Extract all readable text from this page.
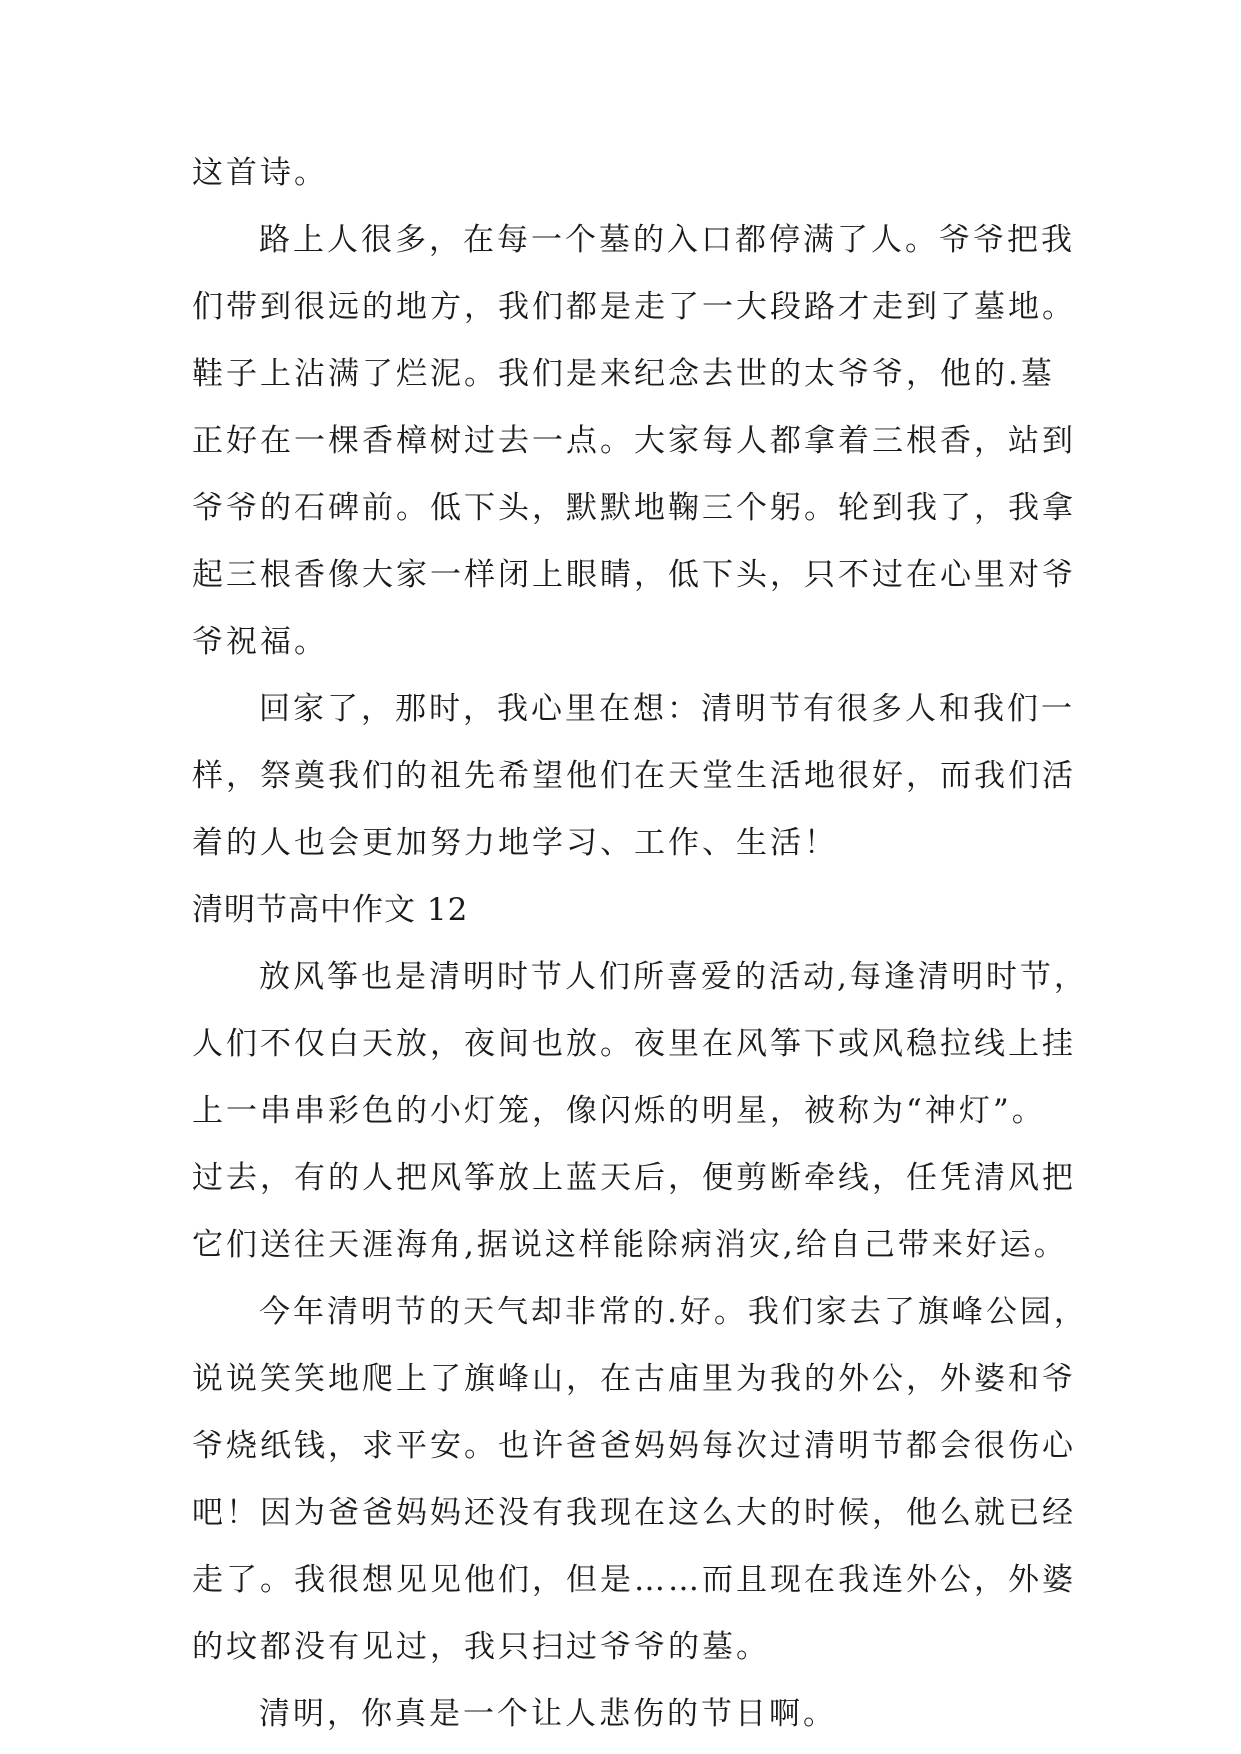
这首诗。
路上人很多，在每一个墓的入口都停满了人。爷爷把我
们带到很远的地方，我们都是走了一大段路才走到了墓地。
鞋子上沾满了烂泥。我们是来纪念去世的太爷爷，他的.墓
正好在一棵香樟树过去一点。大家每人都拿着三根香，站到
爷爷的石碑前。低下头，默默地鞠三个躬。轮到我了，我拿
起三根香像大家一样闭上眼睛，低下头，只不过在心里对爷
爷祝福。
回家了，那时，我心里在想：清明节有很多人和我们一
样，祭奠我们的祖先希望他们在天堂生活地很好，而我们活
着的人也会更加努力地学习、工作、生活！
清明节高中作文 12
放风筝也是清明时节人们所喜爱的活动,每逢清明时节，
人们不仅白天放，夜间也放。夜里在风筝下或风稳拉线上挂
上一串串彩色的小灯笼，像闪烁的明星，被称为“神灯”。
过去，有的人把风筝放上蓝天后，便剪断牵线，任凭清风把
它们送往天涯海角,据说这样能除病消灾,给自己带来好运。
今年清明节的天气却非常的.好。我们家去了旗峰公园，
说说笑笑地爬上了旗峰山，在古庙里为我的外公，外婆和爷
爷烧纸钱，求平安。也许爸爸妈妈每次过清明节都会很伤心
吧！因为爸爸妈妈还没有我现在这么大的时候，他么就已经
走了。我很想见见他们，但是……而且现在我连外公，外婆
的坟都没有见过，我只扫过爷爷的墓。
清明，你真是一个让人悲伤的节日啊。
